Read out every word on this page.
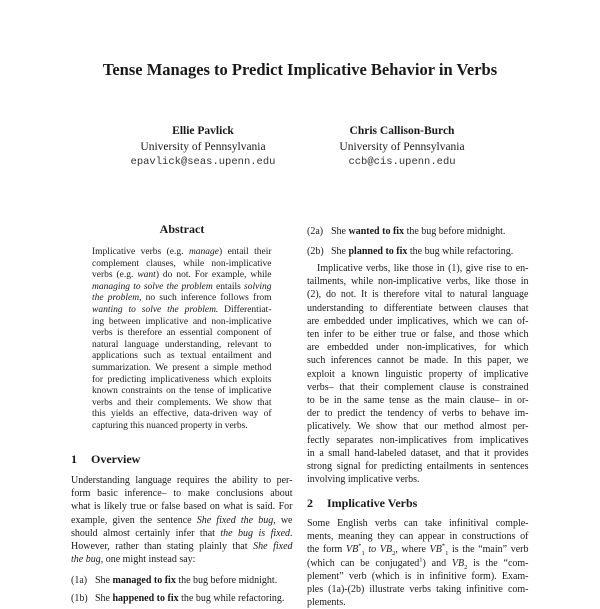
Tense Manages to Predict Implicative Behavior in Verbs
Ellie Pavlick
University of Pennsylvania
epavlick@seas.upenn.edu
Chris Callison-Burch
University of Pennsylvania
ccb@cis.upenn.edu
Abstract
Implicative verbs (e.g. manage) entail their
complement clauses, while non-implicative
verbs (e.g. want) do not. For example, while
managing to solve the problem entails solving
the problem, no such inference follows from
wanting to solve the problem. Differentiat-
ing between implicative and non-implicative
verbs is therefore an essential component of
natural language understanding, relevant to
applications such as textual entailment and
summarization. We present a simple method
for predicting implicativeness which exploits
known constraints on the tense of implicative
verbs and their complements. We show that
this yields an effective, data-driven way of
capturing this nuanced property in verbs.
1 Overview
Understanding language requires the ability to per-
form basic inference– to make conclusions about
what is likely true or false based on what is said. For
example, given the sentence She fixed the bug, we
should almost certainly infer that the bug is fixed.
However, rather than stating plainly that She fixed
the bug, one might instead say:
(1a) She managed to fix the bug before midnight.
(1b) She happened to fix the bug while refactoring.
(2a) She wanted to fix the bug before midnight.
(2b) She planned to fix the bug while refactoring.
Implicative verbs, like those in (1), give rise to en-
tailments, while non-implicative verbs, like those in
(2), do not. It is therefore vital to natural language
understanding to differentiate between clauses that
are embedded under implicatives, which we can of-
ten infer to be either true or false, and those which
are embedded under non-implicatives, for which
such inferences cannot be made. In this paper, we
exploit a known linguistic property of implicative
verbs– that their complement clause is constrained
to be in the same tense as the main clause– in or-
der to predict the tendency of verbs to behave im-
plicatively. We show that our method almost per-
fectly separates non-implicatives from implicatives
in a small hand-labeled dataset, and that it provides
strong signal for predicting entailments in sentences
involving implicative verbs.
2 Implicative Verbs
Some English verbs can take infinitival comple-
ments, meaning they can appear in constructions of
the form $VB^*_1$ to $VB_2$, where $VB^*_1$ is the “main” verb
(which can be conjugated$^1$) and $VB_2$ is the “com-
plement” verb (which is in infinitive form). Exam-
ples (1a)-(2b) illustrate verbs taking infinitive com-
plements.
